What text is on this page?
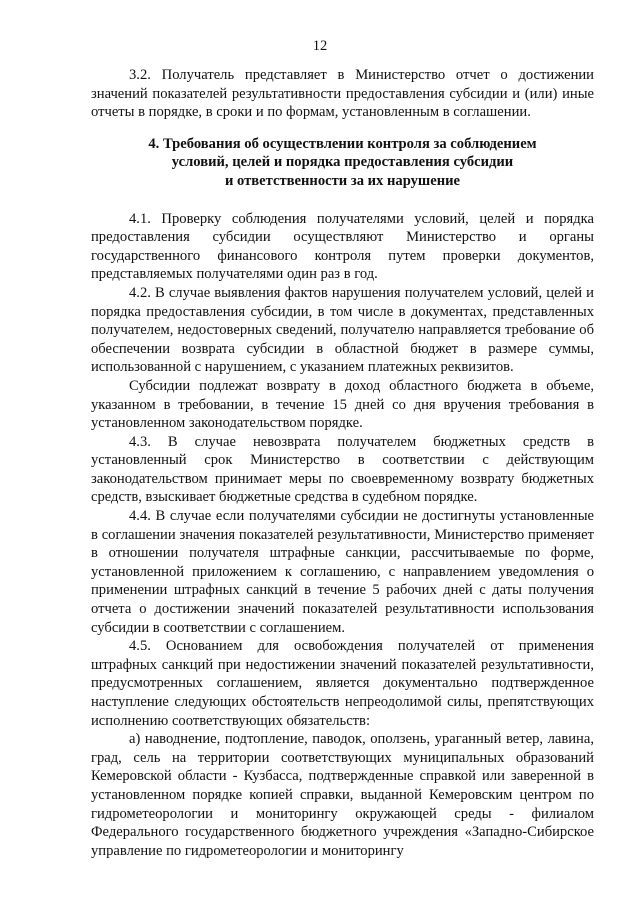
12

3.2. Получатель представляет в Министерство отчет о достижении значений показателей результативности предоставления субсидии и (или) иные отчеты в порядке, в сроки и по формам, установленным в соглашении.

4. Требования об осуществлении контроля за соблюдением
условий, целей и порядка предоставления субсидии
и ответственности за их нарушение

4.1. Проверку соблюдения получателями условий, целей и порядка предоставления субсидии осуществляют Министерство и органы государственного финансового контроля путем проверки документов, представляемых получателями один раз в год.

4.2. В случае выявления фактов нарушения получателем условий, целей и порядка предоставления субсидии, в том числе в документах, представленных получателем, недостоверных сведений, получателю направляется требование об обеспечении возврата субсидии в областной бюджет в размере суммы, использованной с нарушением, с указанием платежных реквизитов.

Субсидии подлежат возврату в доход областного бюджета в объеме, указанном в требовании, в течение 15 дней со дня вручения требования в установленном законодательством порядке.

4.3. В случае невозврата получателем бюджетных средств в установленный срок Министерство в соответствии с действующим законодательством принимает меры по своевременному возврату бюджетных средств, взыскивает бюджетные средства в судебном порядке.

4.4. В случае если получателями субсидии не достигнуты установленные в соглашении значения показателей результативности, Министерство применяет в отношении получателя штрафные санкции, рассчитываемые по форме, установленной приложением к соглашению, с направлением уведомления о применении штрафных санкций в течение 5 рабочих дней с даты получения отчета о достижении значений показателей результативности использования субсидии в соответствии с соглашением.

4.5. Основанием для освобождения получателей от применения штрафных санкций при недостижении значений показателей результативности, предусмотренных соглашением, является документально подтвержденное наступление следующих обстоятельств непреодолимой силы, препятствующих исполнению соответствующих обязательств:

а) наводнение, подтопление, паводок, оползень, ураганный ветер, лавина, град, сель на территории соответствующих муниципальных образований Кемеровской области - Кузбасса, подтвержденные справкой или заверенной в установленном порядке копией справки, выданной Кемеровским центром по гидрометеорологии и мониторингу окружающей среды - филиалом Федерального государственного бюджетного учреждения «Западно-Сибирское управление по гидрометеорологии и мониторингу
